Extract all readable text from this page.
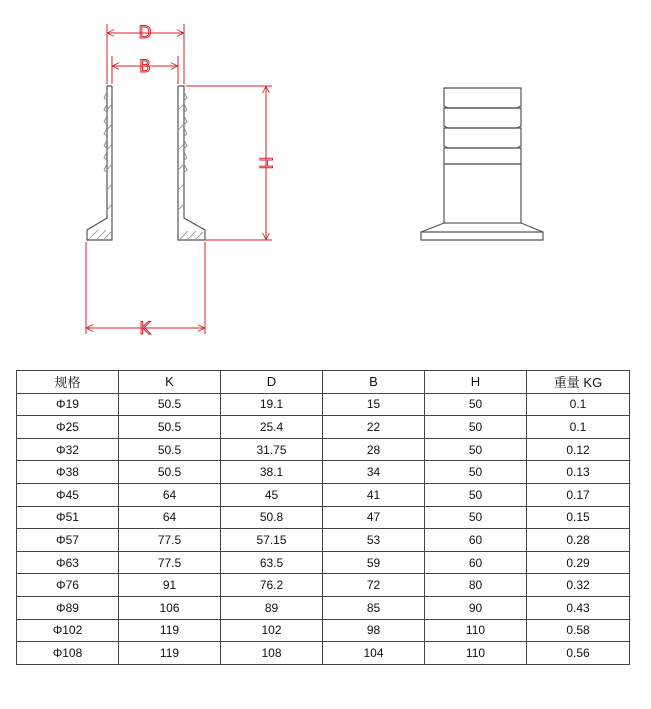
D
B
H
K
规格	K	D	B	H	重量 KG
Φ19	50.5	19.1	15	50	0.1
Φ25	50.5	25.4	22	50	0.1
Φ32	50.5	31.75	28	50	0.12
Φ38	50.5	38.1	34	50	0.13
Φ45	64	45	41	50	0.17
Φ51	64	50.8	47	50	0.15
Φ57	77.5	57.15	53	60	0.28
Φ63	77.5	63.5	59	60	0.29
Φ76	91	76.2	72	80	0.32
Φ89	106	89	85	90	0.43
Φ102	119	102	98	110	0.58
Φ108	119	108	104	110	0.56
